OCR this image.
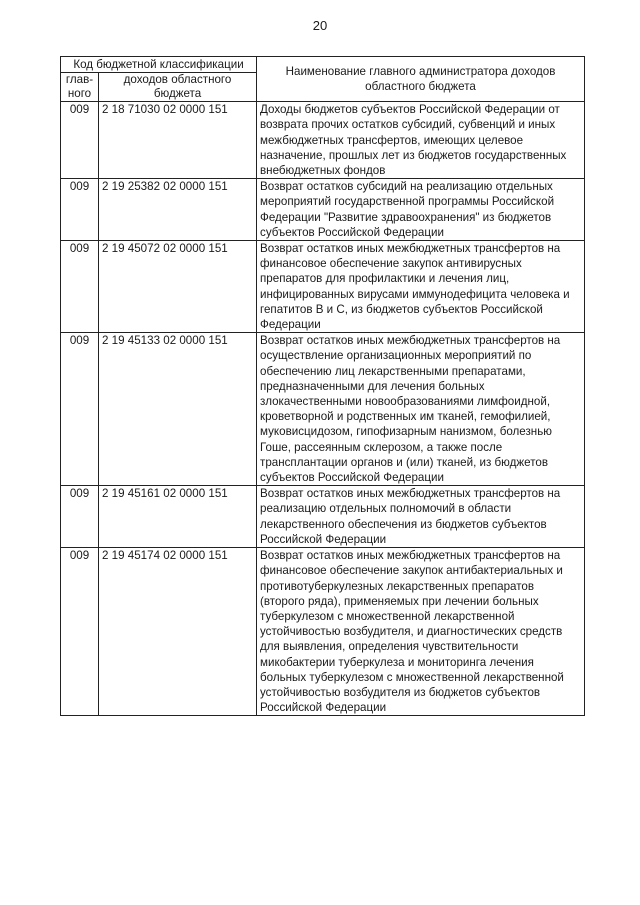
20
Код бюджетной классификации		Наименование главного администратора доходов областного бюджета
глав-ного	доходов областного бюджета	
009	2 18 71030 02 0000 151	Доходы бюджетов субъектов Российской Федерации от возврата прочих остатков субсидий, субвенций и иных межбюджетных трансфертов, имеющих целевое назначение, прошлых лет из бюджетов государственных внебюджетных фондов
009	2 19 25382 02 0000 151	Возврат остатков субсидий на реализацию отдельных мероприятий государственной программы Российской Федерации "Развитие здравоохранения" из бюджетов субъектов Российской Федерации
009	2 19 45072 02 0000 151	Возврат остатков иных межбюджетных трансфертов на финансовое обеспечение закупок антивирусных препаратов для профилактики и лечения лиц, инфицированных вирусами иммунодефицита человека и гепатитов B и C, из бюджетов субъектов Российской Федерации
009	2 19 45133 02 0000 151	Возврат остатков иных межбюджетных трансфертов на осуществление организационных мероприятий по обеспечению лиц лекарственными препаратами, предназначенными для лечения больных злокачественными новообразованиями лимфоидной, кроветворной и родственных им тканей, гемофилией, муковисцидозом, гипофизарным нанизмом, болезнью Гоше, рассеянным склерозом, а также после трансплантации органов и (или) тканей, из бюджетов субъектов Российской Федерации
009	2 19 45161 02 0000 151	Возврат остатков иных межбюджетных трансфертов на реализацию отдельных полномочий в области лекарственного обеспечения из бюджетов субъектов Российской Федерации
009	2 19 45174 02 0000 151	Возврат остатков иных межбюджетных трансфертов на финансовое обеспечение закупок антибактериальных и противотуберкулезных лекарственных препаратов (второго ряда), применяемых при лечении больных туберкулезом с множественной лекарственной устойчивостью возбудителя, и диагностических средств для выявления, определения чувствительности микобактерии туберкулеза и мониторинга лечения больных туберкулезом с множественной лекарственной устойчивостью возбудителя из бюджетов субъектов Российской Федерации
